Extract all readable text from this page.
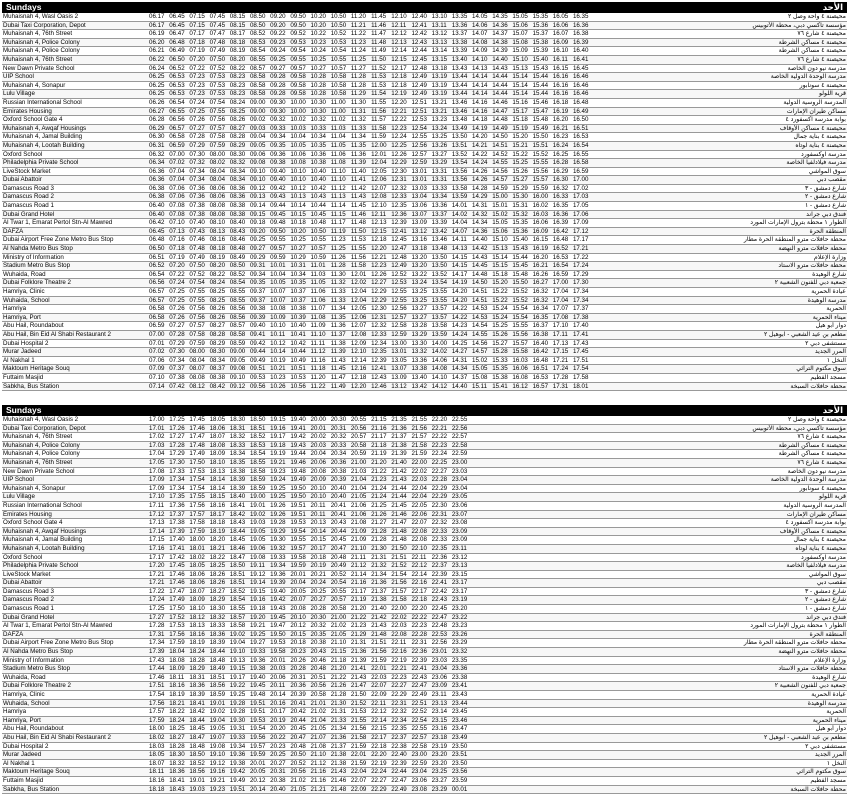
Sundays	الأحد
Muhaisnah 4, Wasl Oasis 2	06.17	06.45	07.15	07.45	08.15	08.50	09.20	09.50	10.20	10.50	11.20	11.45	12.10	12.40	13.10	13.35	14.05	14.35	15.05	15.35	16.05	16.35		محيصنة ٤ واحة وصل ٢
Dubai Taxi Corporation, Depot	06.17	06.45	07.15	07.45	08.15	08.50	09.20	09.50	10.20	10.50	11.21	11.46	12.11	12.41	13.11	13.36	14.06	14.36	15.06	15.36	16.06	16.36		مؤسسة تاكسي دبي، محطة الأتوبيس
Muhaisnah 4, 76th Street	06.19	06.47	07.17	07.47	08.17	08.52	09.22	09.52	10.22	10.52	11.22	11.47	12.12	12.42	13.12	13.37	14.07	14.37	15.07	15.37	16.07	16.38		محيصنة ٤ شارع ٧٦
Muhaisnah 4, Police Colony	06.20	06.48	07.18	07.48	08.18	08.53	09.23	09.53	10.23	10.53	11.23	11.48	12.13	12.43	13.13	13.38	14.08	14.38	15.08	15.38	16.09	16.39		محيصنة ٤ مساكن الشرطة
Muhaisnah 4, Police Colony	06.21	06.49	07.19	07.49	08.19	08.54	09.24	09.54	10.24	10.54	11.24	11.49	12.14	12.44	13.14	13.39	14.09	14.39	15.09	15.39	16.10	16.40		محيصنة ٤ مساكن الشرطة
Muhaisnah 4, 76th Street	06.22	06.50	07.20	07.50	08.20	08.55	09.25	09.55	10.25	10.55	11.25	11.50	12.15	12.45	13.15	13.40	14.10	14.40	15.10	15.40	16.11	16.41		محيصنة ٤ شارع ٧٦
New Dawn Private School	06.24	06.52	07.22	07.52	08.22	08.57	09.27	09.57	10.27	10.57	11.27	11.52	12.17	12.48	13.18	13.43	14.13	14.43	15.13	15.43	16.15	16.45		مدرسة نيو دون الخاصة
UIP School	06.25	06.53	07.23	07.53	08.23	08.58	09.28	09.58	10.28	10.58	11.28	11.53	12.18	12.49	13.19	13.44	14.14	14.44	15.14	15.44	16.16	16.46		مدرسة الوحدة الدولية الخاصة
Muhaisnah 4, Sonapur	06.25	06.53	07.23	07.53	08.23	08.58	09.28	09.58	10.28	10.58	11.28	11.53	12.18	12.49	13.19	13.44	14.14	14.44	15.14	15.44	16.16	16.46		محيصنة ٤ سونابور
Lulu Village	06.25	06.53	07.23	07.53	08.23	08.58	09.28	09.58	10.28	10.58	11.29	11.54	12.19	12.49	13.19	13.44	14.14	14.44	15.14	15.44	16.16	16.46		قرية اللولو
Russian International School	06.26	06.54	07.24	07.54	08.24	09.00	09.30	10.00	10.30	11.00	11.30	11.55	12.20	12.51	13.21	13.46	14.16	14.46	15.16	15.46	16.18	16.48		المدرسة الروسية الدولية
Emirates Housing	06.27	06.55	07.25	07.55	08.25	09.00	09.30	10.00	10.30	11.00	11.31	11.56	12.21	12.51	13.21	13.46	14.16	14.47	15.17	15.47	16.19	16.49		مساكن طيران الإمارات
Oxford School Gate 4	06.28	06.56	07.26	07.56	08.26	09.02	09.32	10.02	10.32	11.02	11.32	11.57	12.22	12.53	13.23	13.48	14.18	14.48	15.18	15.48	16.20	16.50		بوابة مدرسة اكسفورد ٤
Muhaisnah 4, Awqaf Housings	06.29	06.57	07.27	07.57	08.27	09.03	09.33	10.03	10.33	11.03	11.33	11.58	12.23	12.54	13.24	13.49	14.19	14.49	15.19	15.49	16.21	16.51		محيصنة ٤ مساكن الأوقاف
Muhaisnah 4, Jamal Building	06.30	06.58	07.28	07.58	08.28	09.04	09.34	10.04	10.34	11.04	11.34	11.59	12.24	12.55	13.25	13.50	14.20	14.50	15.20	15.50	16.23	16.53		محيصنة ٤ بناية جمال
Muhaisnah 4, Lootah Building	06.31	06.59	07.29	07.59	08.29	09.05	09.35	10.05	10.35	11.05	11.35	12.00	12.25	12.56	13.26	13.51	14.21	14.51	15.21	15.51	16.24	16.54		محيصنة ٤ بناية لوتاه
Oxford School	06.32	07.00	07.30	08.00	08.30	09.06	09.36	10.06	10.36	11.06	11.36	12.01	12.26	12.57	13.27	13.52	14.22	14.52	15.22	15.52	16.25	16.55		مدرسة اوكسفورد
Philadelphia Private School	06.34	07.02	07.32	08.02	08.32	09.08	09.38	10.08	10.38	11.08	11.39	12.04	12.29	12.59	13.29	13.54	14.24	14.55	15.25	15.55	16.28	16.58		مدرسة فيلادلفيا الخاصة
LiveStock Market	06.36	07.04	07.34	08.04	08.34	09.10	09.40	10.10	10.40	11.10	11.40	12.05	12.30	13.01	13.31	13.56	14.26	14.56	15.26	15.56	16.29	16.59		سوق المواشي
Dubai Abattoir	06.36	07.04	07.34	08.04	08.34	09.10	09.40	10.10	10.40	11.10	11.41	12.06	12.31	13.01	13.31	13.56	14.26	14.57	15.27	15.57	16.30	17.00		مقصب دبي
Damascus Road 3	06.38	07.06	07.36	08.06	08.36	09.12	09.42	10.12	10.42	11.12	11.42	12.07	12.32	13.03	13.33	13.58	14.28	14.59	15.29	15.59	16.32	17.02		شارع دمشق - ٣
Damascus Road 2	06.38	07.06	07.36	08.06	08.36	09.13	09.43	10.13	10.43	11.13	11.43	12.08	12.33	13.04	13.34	13.59	14.29	15.00	15.30	16.00	16.33	17.03		شارع دمشق - ٢
Damascus Road 1	06.40	07.08	07.38	08.08	08.38	09.14	09.44	10.14	10.44	11.14	11.45	12.10	12.35	13.06	13.36	14.01	14.31	15.01	15.31	16.02	16.35	17.05		شارع دمشق - ١
Dubai Grand Hotel	06.40	07.08	07.38	08.08	08.38	09.15	09.45	10.15	10.45	11.15	11.46	12.11	12.36	13.07	13.37	14.02	14.32	15.02	15.32	16.03	16.36	17.06		فندق دبي جراند
Al Twar 1, Emarat Pertol Stn-Al Mawred	06.42	07.10	07.40	08.10	08.40	09.18	09.48	10.18	10.48	11.17	11.48	12.13	12.39	13.09	13.39	14.04	14.34	15.05	15.35	16.06	16.39	17.09		الطوار ١ محطة بترول الإمارات المورد
DAFZA	06.45	07.13	07.43	08.13	08.43	09.20	09.50	10.20	10.50	11.19	11.50	12.15	12.41	13.12	13.42	14.07	14.36	15.06	15.36	16.09	16.42	17.12		المنطقة الحرة
Dubai Airport Free Zone Metro Bus Stop	06.48	07.16	07.46	08.16	08.46	09.25	09.55	10.25	10.55	11.23	11.53	12.18	12.45	13.16	13.46	14.11	14.40	15.10	15.40	16.15	16.48	17.17		محطة حافلات مترو المنطقة الحرة مطار
Al Nahda Metro Bus Stop	06.50	07.18	07.48	08.18	08.48	09.27	09.57	10.27	10.57	11.25	11.55	12.20	12.47	13.18	13.48	14.13	14.42	15.13	15.43	16.19	16.52	17.21		محطة حافلات مترو النهضة
Ministry of Information	06.51	07.19	07.49	08.19	08.49	09.29	09.59	10.29	10.59	11.26	11.56	12.21	12.48	13.20	13.50	14.15	14.43	15.14	15.44	16.20	16.53	17.22		وزارة الإعلام
Stadium Metro Bus Stop	06.52	07.20	07.50	08.20	08.50	09.31	10.01	10.31	11.01	11.28	11.58	12.23	12.49	13.20	13.50	14.15	14.45	15.15	15.45	16.21	16.54	17.24		محطة حافلات مترو الاستاد
Wuhaida, Road	06.54	07.22	07.52	08.22	08.52	09.34	10.04	10.34	11.03	11.30	12.01	12.26	12.52	13.22	13.52	14.17	14.48	15.18	15.48	16.26	16.59	17.29		شارع الوهيدة
Dubai Folklore Theatre 2	06.56	07.24	07.54	08.24	08.54	09.35	10.05	10.35	11.05	11.32	12.02	12.27	12.53	13.24	13.54	14.19	14.50	15.20	15.50	16.27	17.00	17.30		جمعية دبي للفنون الشعبية ٢
Hamriya, Clinic	06.57	07.25	07.55	08.25	08.55	09.37	10.07	10.37	11.06	11.33	12.04	12.29	12.55	13.25	13.55	14.20	14.51	15.22	15.52	16.32	17.04	17.34		عيادة الحمرية
Wuhaida, School	06.57	07.25	07.55	08.25	08.55	09.37	10.07	10.37	11.06	11.33	12.04	12.29	12.55	13.25	13.55	14.20	14.51	15.22	15.52	16.32	17.04	17.34		مدرسة الوهيدة
Hamriya	06.58	07.26	07.56	08.26	08.56	09.38	10.08	10.38	11.07	11.34	12.05	12.30	12.56	13.27	13.57	14.22	14.53	15.24	15.54	16.34	17.07	17.37		الحمرية
Hamriya, Port	06.58	07.26	07.56	08.26	08.56	09.39	10.09	10.39	11.08	11.35	12.06	12.31	12.57	13.27	13.57	14.22	14.53	15.24	15.54	16.35	17.08	17.38		ميناء الحمرية
Abu Hail, Roundabout	06.59	07.27	07.57	08.27	08.57	09.40	10.10	10.40	11.09	11.36	12.07	12.32	12.58	13.28	13.58	14.23	14.54	15.25	15.55	16.37	17.10	17.40		دوار أبو هيل
Abu Hail, Bin Eid Al Shabi Restaurant 2	07.00	07.28	07.58	08.28	08.58	09.41	10.11	10.41	11.10	11.37	12.08	12.33	12.59	13.29	13.59	14.24	14.55	15.26	15.56	16.38	17.11	17.41		مطعم بن عيد الشعبي - ابوهيل ٢
Dubai Hospital 2	07.01	07.29	07.59	08.29	08.59	09.42	10.12	10.42	11.11	11.38	12.09	12.34	13.00	13.30	14.00	14.25	14.56	15.27	15.57	16.40	17.13	17.43		مستشفى دبي ٢
Murar Jadeed	07.02	07.30	08.00	08.30	09.00	09.44	10.14	10.44	11.12	11.39	12.10	12.35	13.01	13.32	14.02	14.27	14.57	15.28	15.58	16.42	17.15	17.45		المرر الجديد
Al Nakhal 1	07.06	07.34	08.04	08.34	09.05	09.49	10.19	10.49	11.16	11.43	12.14	12.39	13.05	13.36	14.06	14.31	15.02	15.33	16.03	16.48	17.21	17.51		النخل ١
Maktoum Heritage Souq	07.09	07.37	08.07	08.37	09.08	09.51	10.21	10.51	11.18	11.45	12.16	12.41	13.07	13.38	14.08	14.34	15.05	15.35	16.06	16.51	17.24	17.54		سوق مكتوم التراثي
Futtaim Masjid	07.10	07.38	08.08	08.38	09.10	09.53	10.23	10.53	11.20	11.47	12.18	12.43	13.09	13.40	14.10	14.37	15.08	15.38	16.08	16.53	17.28	17.58		مسجد الفطيم
Sabkha, Bus Station	07.14	07.42	08.12	08.42	09.12	09.56	10.26	10.56	11.22	11.49	12.20	12.46	13.12	13.42	14.12	14.40	15.11	15.41	16.12	16.57	17.31	18.01		محطة حافلات السبخة
Sundays	الأحد
Muhaisnah 4, Wasl Oasis 2	17.00	17.25	17.45	18.05	18.30	18.50	19.15	19.40	20.00	20.30	20.55	21.15	21.35	21.55	22.20	22.55		محيصنة ٤ واحة وصل ٢
Dubai Taxi Corporation, Depot	17.01	17.26	17.46	18.06	18.31	18.51	19.16	19.41	20.01	20.31	20.56	21.16	21.36	21.56	22.21	22.56		مؤسسة تاكسي دبي، محطة الأتوبيس
Muhaisnah 4, 76th Street	17.02	17.27	17.47	18.07	18.32	18.52	19.17	19.42	20.02	20.32	20.57	21.17	21.37	21.57	22.22	22.57		محيصنة ٤ شارع ٧٦
Muhaisnah 4, Police Colony	17.03	17.28	17.48	18.08	18.33	18.53	19.18	19.43	20.03	20.33	20.58	21.18	21.38	21.58	22.23	22.58		محيصنة ٤ مساكن الشرطة
Muhaisnah 4, Police Colony	17.04	17.29	17.49	18.09	18.34	18.54	19.19	19.44	20.04	20.34	20.59	21.19	21.39	21.59	22.24	22.59		محيصنة ٤ مساكن الشرطة
Muhaisnah 4, 76th Street	17.05	17.30	17.50	18.10	18.35	18.55	19.21	19.46	20.06	20.36	21.00	21.20	21.40	22.00	22.25	23.00		محيصنة ٤ شارع ٧٦
New Dawn Private School	17.08	17.33	17.53	18.13	18.38	18.58	19.23	19.48	20.08	20.38	21.03	21.22	21.42	22.02	22.27	23.03		مدرسة نيو دون الخاصة
UIP School	17.09	17.34	17.54	18.14	18.39	18.59	19.24	19.49	20.09	20.39	21.04	21.23	21.43	22.03	22.28	23.04		مدرسة الوحدة الدولية الخاصة
Muhaisnah 4, Sonapur	17.09	17.34	17.54	18.14	18.39	18.59	19.25	19.50	20.10	20.40	21.04	21.24	21.44	22.04	22.29	23.04		محيصنة ٤ سونابور
Lulu Village	17.10	17.35	17.55	18.15	18.40	19.00	19.25	19.50	20.10	20.40	21.05	21.24	21.44	22.04	22.29	23.05		قرية اللولو
Russian International School	17.11	17.36	17.56	18.16	18.41	19.01	19.26	19.51	20.11	20.41	21.06	21.25	21.45	22.05	22.30	23.06		المدرسة الروسية الدولية
Emirates Housing	17.12	17.37	17.57	18.17	18.42	19.02	19.26	19.51	20.11	20.41	21.06	21.26	21.46	22.06	22.31	23.07		مساكن طيران الإمارات
Oxford School Gate 4	17.13	17.38	17.58	18.18	18.43	19.03	19.28	19.53	20.13	20.43	21.08	21.27	21.47	22.07	22.32	23.08		بوابة مدرسة اكسفورد ٤
Muhaisnah 4, Awqaf Housings	17.14	17.39	17.59	18.19	18.44	19.05	19.29	19.54	20.14	20.44	21.09	21.28	21.48	22.08	22.33	23.09		محيصنة ٤ مساكن الأوقاف
Muhaisnah 4, Jamal Building	17.15	17.40	18.00	18.20	18.45	19.05	19.30	19.55	20.15	20.45	21.09	21.28	21.48	22.08	22.33	23.09		محيصنة ٤ بناية جمال
Muhaisnah 4, Lootah Building	17.16	17.41	18.01	18.21	18.46	19.06	19.32	19.57	20.17	20.47	21.10	21.30	21.50	22.10	22.35	23.11		محيصنة ٤ بناية لوتاه
Oxford School	17.17	17.42	18.02	18.22	18.47	19.08	19.33	19.58	20.18	20.48	21.11	21.31	21.51	22.11	22.36	23.12		مدرسة اوكسفورد
Philadelphia Private School	17.20	17.45	18.05	18.25	18.50	19.11	19.34	19.59	20.19	20.49	21.12	21.32	21.52	22.12	22.37	23.13		مدرسة فيلادلفيا الخاصة
LiveStock Market	17.21	17.46	18.06	18.26	18.51	19.12	19.36	20.01	20.21	20.52	21.14	21.34	21.54	22.14	22.39	23.15		سوق المواشي
Dubai Abattoir	17.21	17.46	18.06	18.26	18.51	19.14	19.39	20.04	20.24	20.54	21.16	21.36	21.56	22.16	22.41	23.17		مقصب دبي
Damascus Road 3	17.22	17.47	18.07	18.27	18.52	19.15	19.40	20.05	20.25	20.55	21.17	21.37	21.57	22.17	22.42	23.17		شارع دمشق - ٣
Damascus Road 2	17.24	17.49	18.09	18.29	18.54	19.16	19.42	20.07	20.27	20.57	21.19	21.38	21.58	22.18	22.43	23.19		شارع دمشق - ٢
Damascus Road 1	17.25	17.50	18.10	18.30	18.55	19.18	19.43	20.08	20.28	20.58	21.20	21.40	22.00	22.20	22.45	23.20		شارع دمشق - ١
Dubai Grand Hotel	17.27	17.52	18.12	18.32	18.57	19.20	19.45	20.10	20.30	21.00	21.22	21.42	22.02	22.22	22.47	23.22		فندق دبي جراند
Al Twar 1, Emarat Pertol Stn-Al Mawred	17.28	17.53	18.13	18.33	18.58	19.21	19.47	20.12	20.32	21.02	21.23	21.43	22.03	22.23	22.48	23.23		الطوار ١ محطة بترول الإمارات المورد
DAFZA	17.31	17.56	18.16	18.36	19.02	19.25	19.50	20.15	20.35	21.05	21.29	21.48	22.08	22.28	22.53	23.26		المنطقة الحرة
Dubai Airport Free Zone Metro Bus Stop	17.34	17.59	18.19	18.39	19.04	19.27	19.53	20.18	20.38	21.10	21.31	21.51	22.11	22.31	22.56	23.29		محطة حافلات مترو المنطقة الحرة مطار
Al Nahda Metro Bus Stop	17.39	18.04	18.24	18.44	19.10	19.33	19.58	20.23	20.43	21.15	21.36	21.56	22.16	22.36	23.01	23.32		محطة حافلات مترو النهضة
Ministry of Information	17.43	18.08	18.28	18.48	19.13	19.36	20.01	20.26	20.46	21.18	21.39	21.59	22.19	22.39	23.03	23.35		وزارة الإعلام
Stadium Metro Bus Stop	17.44	18.09	18.29	18.49	19.15	19.38	20.03	20.28	20.48	21.20	21.41	22.01	22.21	22.41	23.04	23.36		محطة حافلات مترو الاستاد
Wuhaida, Road	17.46	18.11	18.31	18.51	19.17	19.40	20.06	20.31	20.51	21.22	21.43	22.03	22.23	22.43	23.06	23.38		شارع الوهيدة
Dubai Folklore Theatre 2	17.51	18.16	18.36	18.56	19.22	19.45	20.11	20.36	20.56	21.26	21.47	22.07	22.27	22.47	23.09	23.41		جمعية دبي للفنون الشعبية ٢
Hamriya, Clinic	17.54	18.19	18.39	18.59	19.25	19.48	20.14	20.39	20.58	21.28	21.50	22.09	22.29	22.49	23.11	23.43		عيادة الحمرية
Wuhaida, School	17.56	18.21	18.41	19.01	19.28	19.51	20.16	20.41	21.01	21.30	21.52	22.11	22.31	22.51	23.13	23.44		مدرسة الوهيدة
Hamriya	17.57	18.22	18.42	19.02	19.28	19.51	20.17	20.42	21.02	21.31	21.53	22.12	22.32	22.52	23.14	23.45		الحمرية
Hamriya, Port	17.59	18.24	18.44	19.04	19.30	19.53	20.19	20.44	21.04	21.33	21.55	22.14	22.34	22.54	23.15	23.46		ميناء الحمرية
Abu Hail, Roundabout	18.00	18.25	18.45	19.05	19.31	19.54	20.20	20.45	21.05	21.34	21.56	22.15	22.35	22.55	23.16	23.47		دوار أبو هيل
Abu Hail, Bin Eid Al Shabi Restaurant 2	18.02	18.27	18.47	19.07	19.33	19.56	20.22	20.47	21.07	21.36	21.58	22.17	22.37	22.57	23.18	23.49		مطعم بن عيد الشعبي - ابوهيل ٢
Dubai Hospital 2	18.03	18.28	18.48	19.08	19.34	19.57	20.23	20.48	21.08	21.37	21.59	22.18	22.38	22.58	23.19	23.50		مستشفى دبي ٢
Murar Jadeed	18.05	18.30	18.50	19.10	19.36	19.59	20.25	20.50	21.10	21.38	22.01	22.20	22.40	23.00	23.20	23.51		المرر الجديد
Al Nakhal 1	18.07	18.32	18.52	19.12	19.38	20.01	20.27	20.52	21.12	21.38	21.59	22.19	22.39	22.59	23.20	23.50		النخل ١
Maktoum Heritage Souq	18.11	18.36	18.56	19.16	19.42	20.05	20.31	20.56	21.16	21.43	22.04	22.24	22.44	23.04	23.25	23.56		سوق مكتوم التراثي
Futtaim Masjid	18.16	18.41	19.01	19.21	19.49	20.12	20.38	21.02	21.16	21.46	22.07	22.27	22.47	23.06	23.27	23.59		مسجد الفطيم
Sabkha, Bus Station	18.18	18.43	19.03	19.23	19.51	20.14	20.40	21.05	21.21	21.48	22.09	22.29	22.49	23.08	23.29	00.01		محطة حافلات السبخة
